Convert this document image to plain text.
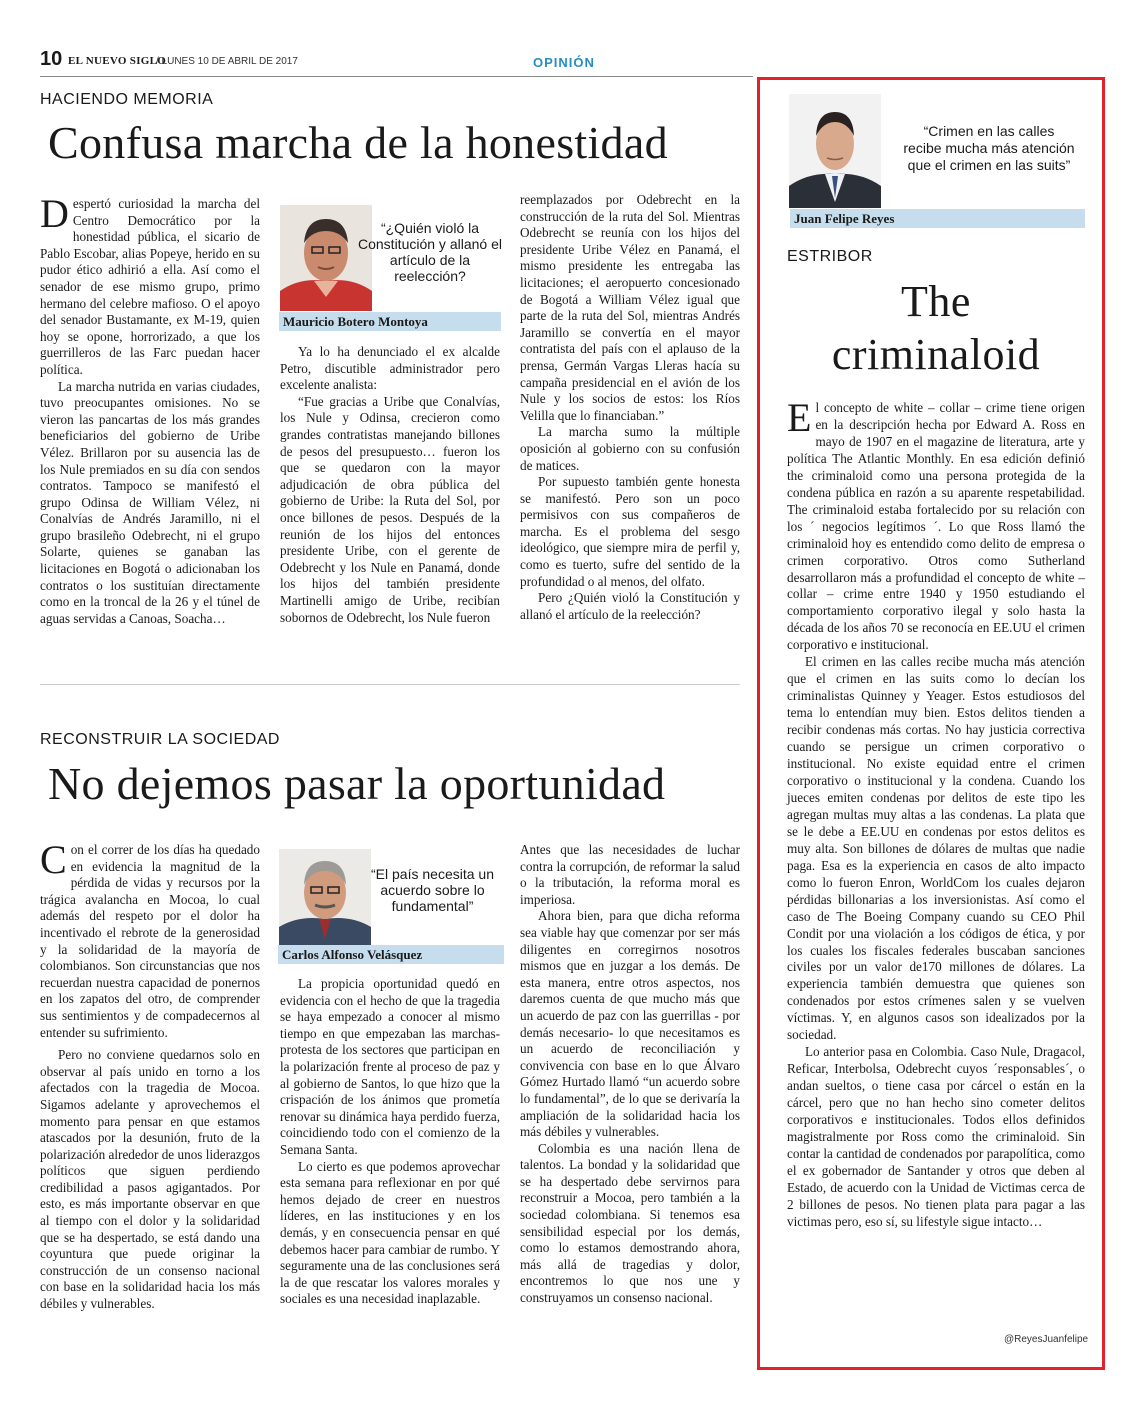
10 EL NUEVO SIGLO
/ LUNES 10 DE ABRIL DE 2017	OPINIÓN
HACIENDO MEMORIA
Confusa marcha de la honestidad

Despertó curiosidad la marcha del Centro Democrático por la honestidad pública, el sicario de Pablo Escobar, alias Popeye, herido en su pudor ético adhirió a ella. Así como el senador de ese mismo grupo, primo hermano del celebre mafioso. O el apoyo del senador Bustamante, ex M-19, quien hoy se opone, horrorizado, a que los guerrilleros de las Farc puedan hacer política.

La marcha nutrida en varias ciudades, tuvo preocupantes omisiones. No se vieron las pancartas de los más grandes beneficiarios del gobierno de Uribe Vélez. Brillaron por su ausencia las de los Nule premiados en su día con sendos contratos. Tampoco se manifestó el grupo Odinsa de William Vélez, ni Conalvías de Andrés Jaramillo, ni el grupo brasileño Odebrecht, ni el grupo Solarte, quienes se ganaban las licitaciones en Bogotá o adicionaban los contratos o los sustituían directamente como en la troncal de la 26 y el túnel de aguas servidas a Canoas, Soacha…

“¿Quién violó la Constitución y allanó el artículo de la reelección?
Mauricio Botero Montoya

Ya lo ha denunciado el ex alcalde Petro, discutible administrador pero excelente analista:

“Fue gracias a Uribe que Conalvías, los Nule y Odinsa, crecieron como grandes contratistas manejando billones de pesos del presupuesto… fueron los que se quedaron con la mayor adjudicación de obra pública del gobierno de Uribe: la Ruta del Sol, por once billones de pesos. Después de la reunión de los hijos del entonces presidente Uribe, con el gerente de Odebrecht y los Nule en Panamá, donde los hijos del también presidente Martinelli amigo de Uribe, recibían sobornos de Odebrecht, los Nule fueron

reemplazados por Odebrecht en la construcción de la ruta del Sol. Mientras Odebrecht se reunía con los hijos del presidente Uribe Vélez en Panamá, el mismo presidente les entregaba las licitaciones; el aeropuerto concesionado de Bogotá a William Vélez igual que parte de la ruta del Sol, mientras Andrés Jaramillo se convertía en el mayor contratista del país con el aplauso de la prensa, Germán Vargas Lleras hacía su campaña presidencial en el avión de los Nule y los socios de estos: los Ríos Velilla que lo financiaban.”

La marcha sumo la múltiple oposición al gobierno con su confusión de matices.

Por supuesto también gente honesta se manifestó. Pero son un poco permisivos con sus compañeros de marcha. Es el problema del sesgo ideológico, que siempre mira de perfil y, como es tuerto, sufre del sentido de la profundidad o al menos, del olfato.

Pero ¿Quién violó la Constitución y allanó el artículo de la reelección?

RECONSTRUIR LA SOCIEDAD
No dejemos pasar la oportunidad

Con el correr de los días ha quedado en evidencia la magnitud de la pérdida de vidas y recursos por la trágica avalancha en Mocoa, lo cual además del respeto por el dolor ha incentivado el rebrote de la generosidad y la solidaridad de la mayoría de colombianos. Son circunstancias que nos recuerdan nuestra capacidad de ponernos en los zapatos del otro, de comprender sus sentimientos y de compadecernos al entender su sufrimiento.

Pero no conviene quedarnos solo en observar al país unido en torno a los afectados con la tragedia de Mocoa. Sigamos adelante y aprovechemos el momento para pensar en que estamos atascados por la desunión, fruto de la polarización alrededor de unos liderazgos políticos que siguen perdiendo credibilidad a pasos agigantados. Por esto, es más importante observar en que al tiempo con el dolor y la solidaridad que se ha despertado, se está dando una coyuntura que puede originar la construcción de un consenso nacional con base en la solidaridad hacia los más débiles y vulnerables.

“El país necesita un acuerdo sobre lo fundamental”
Carlos Alfonso Velásquez

La propicia oportunidad quedó en evidencia con el hecho de que la tragedia se haya empezado a conocer al mismo tiempo en que empezaban las marchas-protesta de los sectores que participan en la polarización frente al proceso de paz y al gobierno de Santos, lo que hizo que la crispación de los ánimos que prometía renovar su dinámica haya perdido fuerza, coincidiendo todo con el comienzo de la Semana Santa.

Lo cierto es que podemos aprovechar esta semana para reflexionar en por qué hemos dejado de creer en nuestros líderes, en las instituciones y en los demás, y en consecuencia pensar en qué debemos hacer para cambiar de rumbo. Y seguramente una de las conclusiones será la de que rescatar los valores morales y sociales es una necesidad inaplazable.

Antes que las necesidades de luchar contra la corrupción, de reformar la salud o la tributación, la reforma moral es imperiosa.

Ahora bien, para que dicha reforma sea viable hay que comenzar por ser más diligentes en corregirnos nosotros mismos que en juzgar a los demás. De esta manera, entre otros aspectos, nos daremos cuenta de que mucho más que un acuerdo de paz con las guerrillas - por demás necesario- lo que necesitamos es un acuerdo de reconciliación y convivencia con base en lo que Álvaro Gómez Hurtado llamó “un acuerdo sobre lo fundamental”, de lo que se derivaría la ampliación de la solidaridad hacia los más débiles y vulnerables.

Colombia es una nación llena de talentos. La bondad y la solidaridad que se ha despertado debe servirnos para reconstruir a Mocoa, pero también a la sociedad colombiana. Si tenemos esa sensibilidad especial por los demás, como lo estamos demostrando ahora, más allá de tragedias y dolor, encontremos lo que nos une y construyamos un consenso nacional.

“Crimen en las calles recibe mucha más atención que el crimen en las suits”
Juan Felipe Reyes
ESTRIBOR
The
criminaloid

El concepto de white – collar – crime tiene origen en la descripción hecha por Edward A. Ross en mayo de 1907 en el magazine de literatura, arte y política The Atlantic Monthly. En esa edición definió the criminaloid como una persona protegida de la condena pública en razón a su aparente respetabilidad. The criminaloid estaba fortalecido por su relación con los ´ negocios legítimos ´. Lo que Ross llamó the criminaloid hoy es entendido como delito de empresa o crimen corporativo. Otros como Sutherland desarrollaron más a profundidad el concepto de white – collar – crime entre 1940 y 1950 estudiando el comportamiento corporativo ilegal y solo hasta la década de los años 70 se reconocía en EE.UU el crimen corporativo e institucional.

El crimen en las calles recibe mucha más atención que el crimen en las suits como lo decían los criminalistas Quinney y Yeager. Estos estudiosos del tema lo entendían muy bien. Estos delitos tienden a recibir condenas más cortas. No hay justicia correctiva cuando se persigue un crimen corporativo o institucional. No existe equidad entre el crimen corporativo o institucional y la condena. Cuando los jueces emiten condenas por delitos de este tipo les agregan multas muy altas a las condenas. La plata que se le debe a EE.UU en condenas por estos delitos es muy alta. Son billones de dólares de multas que nadie paga. Esa es la experiencia en casos de alto impacto como lo fueron Enron, WorldCom los cuales dejaron pérdidas billonarias a los inversionistas. Así como el caso de The Boeing Company cuando su CEO Phil Condit por una violación a los códigos de ética, y por los cuales los fiscales federales buscaban sanciones civiles por un valor de170 millones de dólares. La experiencia también demuestra que quienes son condenados por estos crímenes salen y se vuelven víctimas. Y, en algunos casos son idealizados por la sociedad.

Lo anterior pasa en Colombia. Caso Nule, Dragacol, Reficar, Interbolsa, Odebrecht cuyos ´responsables´, o andan sueltos, o tiene casa por cárcel o están en la cárcel, pero que no han hecho sino cometer delitos corporativos e institucionales. Todos ellos definidos magistralmente por Ross como the criminaloid. Sin contar la cantidad de condenados por parapolítica, como el ex gobernador de Santander y otros que deben al Estado, de acuerdo con la Unidad de Victimas cerca de 2 billones de pesos. No tienen plata para pagar a las victimas pero, eso sí, su lifestyle sigue intacto…

@ReyesJuanfelipe
